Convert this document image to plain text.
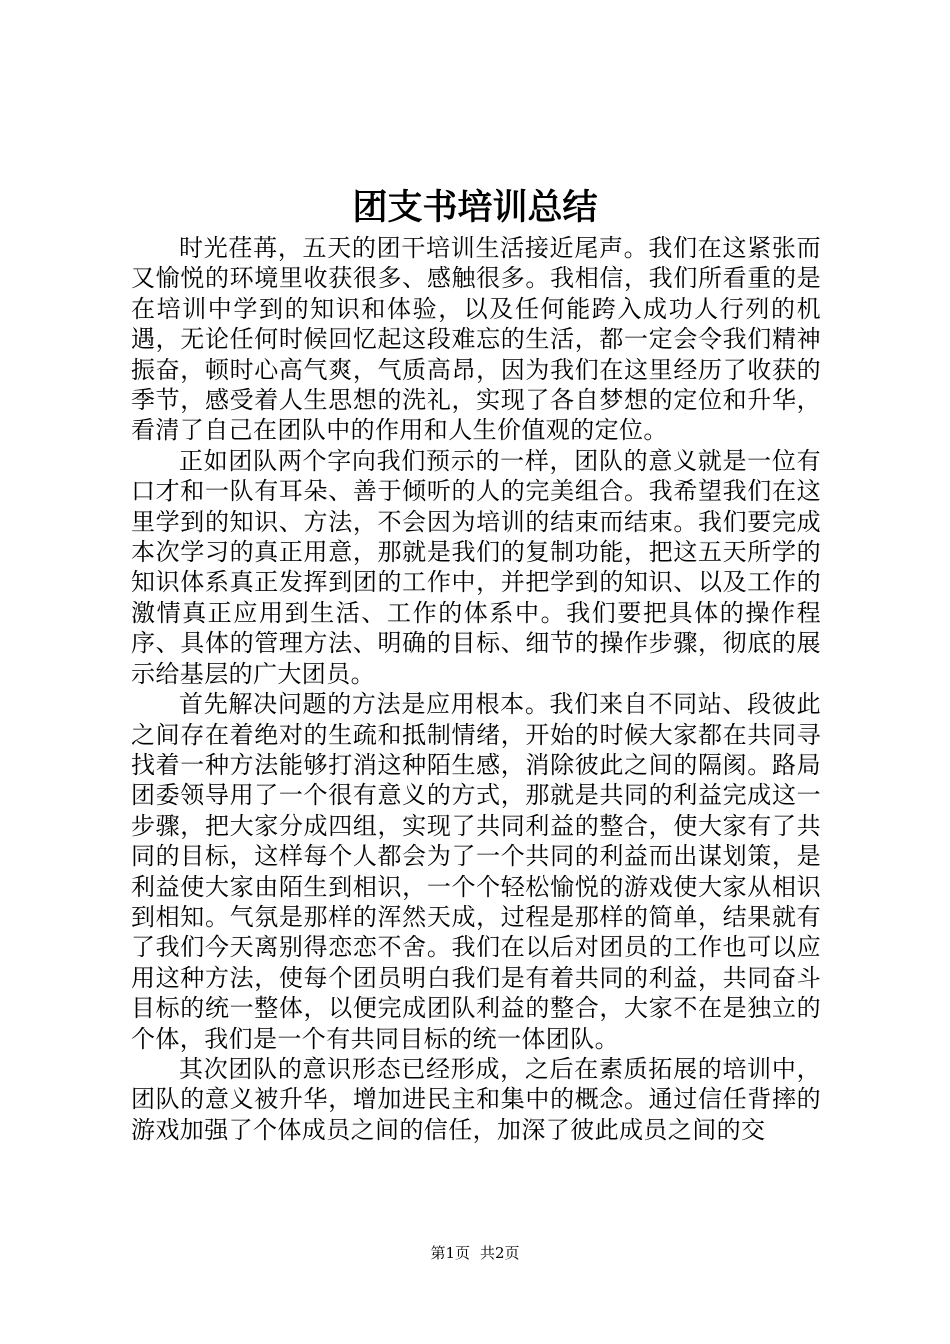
团支书培训总结

时光荏苒，五天的团干培训生活接近尾声。我们在这紧张而又愉悦的环境里收获很多、感触很多。我相信，我们所看重的是在培训中学到的知识和体验，以及任何能跨入成功人行列的机遇，无论任何时候回忆起这段难忘的生活，都一定会令我们精神振奋，顿时心高气爽，气质高昂，因为我们在这里经历了收获的季节，感受着人生思想的洗礼，实现了各自梦想的定位和升华，看清了自己在团队中的作用和人生价值观的定位。

正如团队两个字向我们预示的一样，团队的意义就是一位有口才和一队有耳朵、善于倾听的人的完美组合。我希望我们在这里学到的知识、方法，不会因为培训的结束而结束。我们要完成本次学习的真正用意，那就是我们的复制功能，把这五天所学的知识体系真正发挥到团的工作中，并把学到的知识、以及工作的激情真正应用到生活、工作的体系中。我们要把具体的操作程序、具体的管理方法、明确的目标、细节的操作步骤，彻底的展示给基层的广大团员。

首先解决问题的方法是应用根本。我们来自不同站、段彼此之间存在着绝对的生疏和抵制情绪，开始的时候大家都在共同寻找着一种方法能够打消这种陌生感，消除彼此之间的隔阂。路局团委领导用了一个很有意义的方式，那就是共同的利益完成这一步骤，把大家分成四组，实现了共同利益的整合，使大家有了共同的目标，这样每个人都会为了一个共同的利益而出谋划策，是利益使大家由陌生到相识，一个个轻松愉悦的游戏使大家从相识到相知。气氛是那样的浑然天成，过程是那样的简单，结果就有了我们今天离别得恋恋不舍。我们在以后对团员的工作也可以应用这种方法，使每个团员明白我们是有着共同的利益，共同奋斗目标的统一整体，以便完成团队利益的整合，大家不在是独立的个体，我们是一个有共同目标的统一体团队。

其次团队的意识形态已经形成，之后在素质拓展的培训中，团队的意义被升华，增加进民主和集中的概念。通过信任背摔的游戏加强了个体成员之间的信任，加深了彼此成员之间的交

第1页 共2页
